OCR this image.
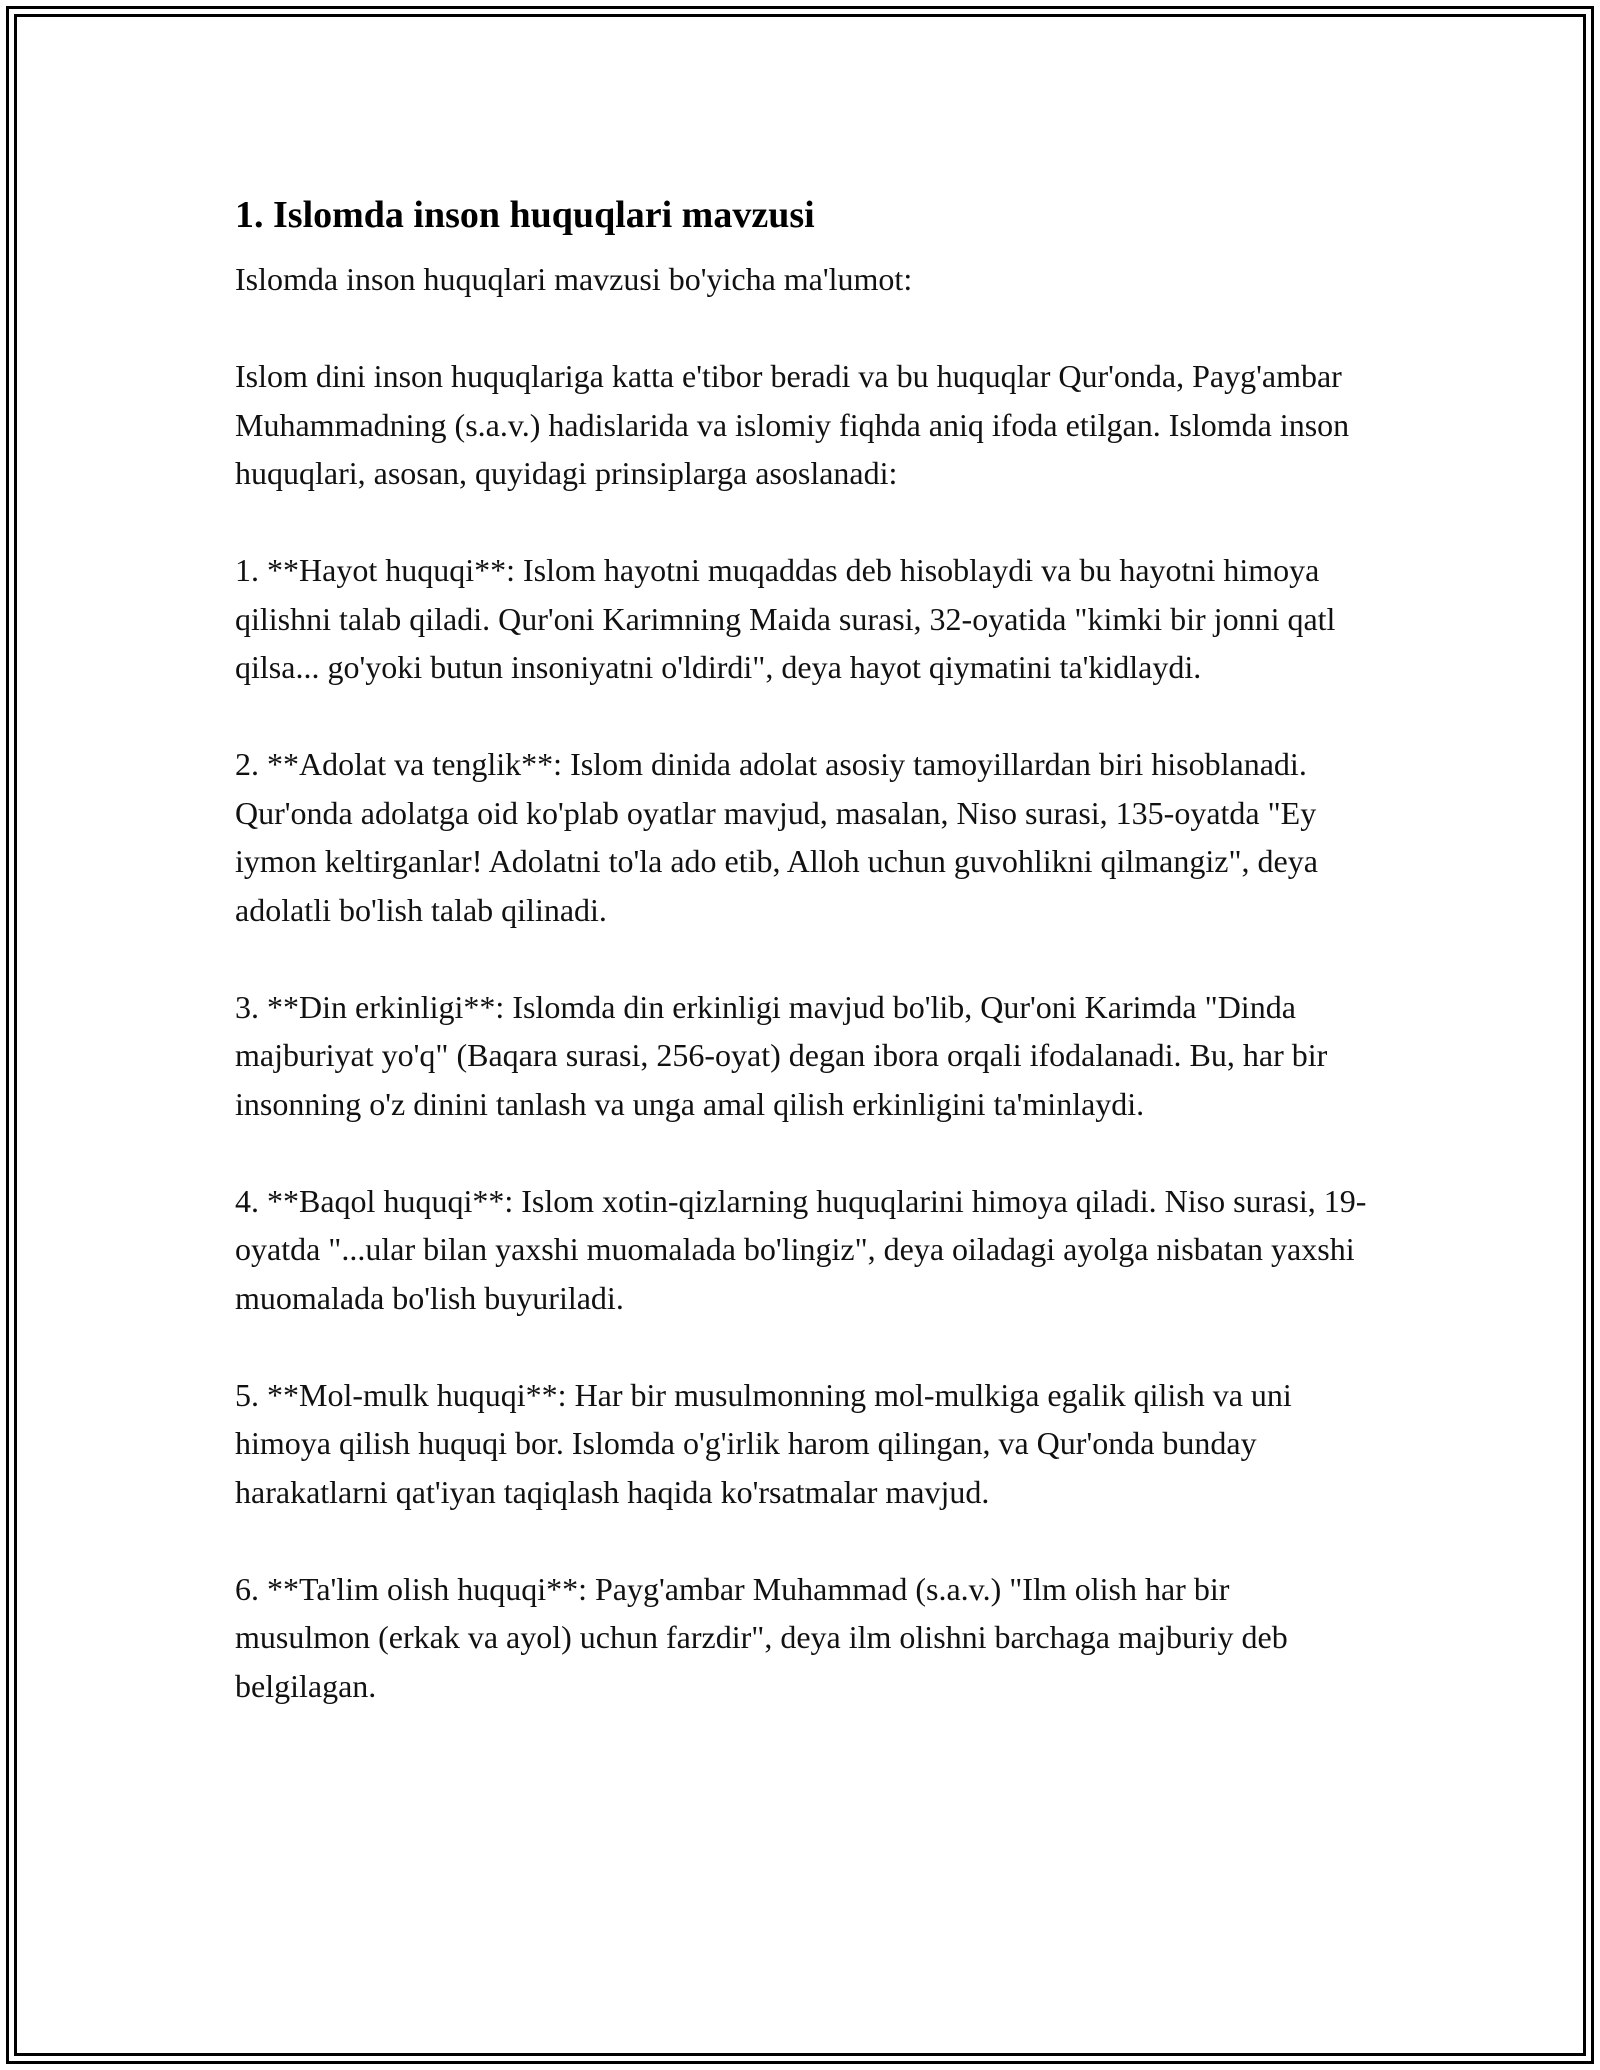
1. Islomda inson huquqlari mavzusi

Islomda inson huquqlari mavzusi bo'yicha ma'lumot:

Islom dini inson huquqlariga katta e'tibor beradi va bu huquqlar Qur'onda, Payg'ambar Muhammadning (s.a.v.) hadislarida va islomiy fiqhda aniq ifoda etilgan. Islomda inson huquqlari, asosan, quyidagi prinsiplarga asoslanadi:

1. **Hayot huquqi**: Islom hayotni muqaddas deb hisoblaydi va bu hayotni himoya qilishni talab qiladi. Qur'oni Karimning Maida surasi, 32-oyatida "kimki bir jonni qatl qilsa... go'yoki butun insoniyatni o'ldirdi", deya hayot qiymatini ta'kidlaydi.

2. **Adolat va tenglik**: Islom dinida adolat asosiy tamoyillardan biri hisoblanadi. Qur'onda adolatga oid ko'plab oyatlar mavjud, masalan, Niso surasi, 135-oyatda "Ey iymon keltirganlar! Adolatni to'la ado etib, Alloh uchun guvohlikni qilmangiz", deya adolatli bo'lish talab qilinadi.

3. **Din erkinligi**: Islomda din erkinligi mavjud bo'lib, Qur'oni Karimda "Dinda majburiyat yo'q" (Baqara surasi, 256-oyat) degan ibora orqali ifodalanadi. Bu, har bir insonning o'z dinini tanlash va unga amal qilish erkinligini ta'minlaydi.

4. **Baqol huquqi**: Islom xotin-qizlarning huquqlarini himoya qiladi. Niso surasi, 19-oyatda "...ular bilan yaxshi muomalada bo'lingiz", deya oiladagi ayolga nisbatan yaxshi muomalada bo'lish buyuriladi.

5. **Mol-mulk huquqi**: Har bir musulmonning mol-mulkiga egalik qilish va uni himoya qilish huquqi bor. Islomda o'g'irlik harom qilingan, va Qur'onda bunday harakatlarni qat'iyan taqiqlash haqida ko'rsatmalar mavjud.

6. **Ta'lim olish huquqi**: Payg'ambar Muhammad (s.a.v.) "Ilm olish har bir musulmon (erkak va ayol) uchun farzdir", deya ilm olishni barchaga majburiy deb belgilagan.
